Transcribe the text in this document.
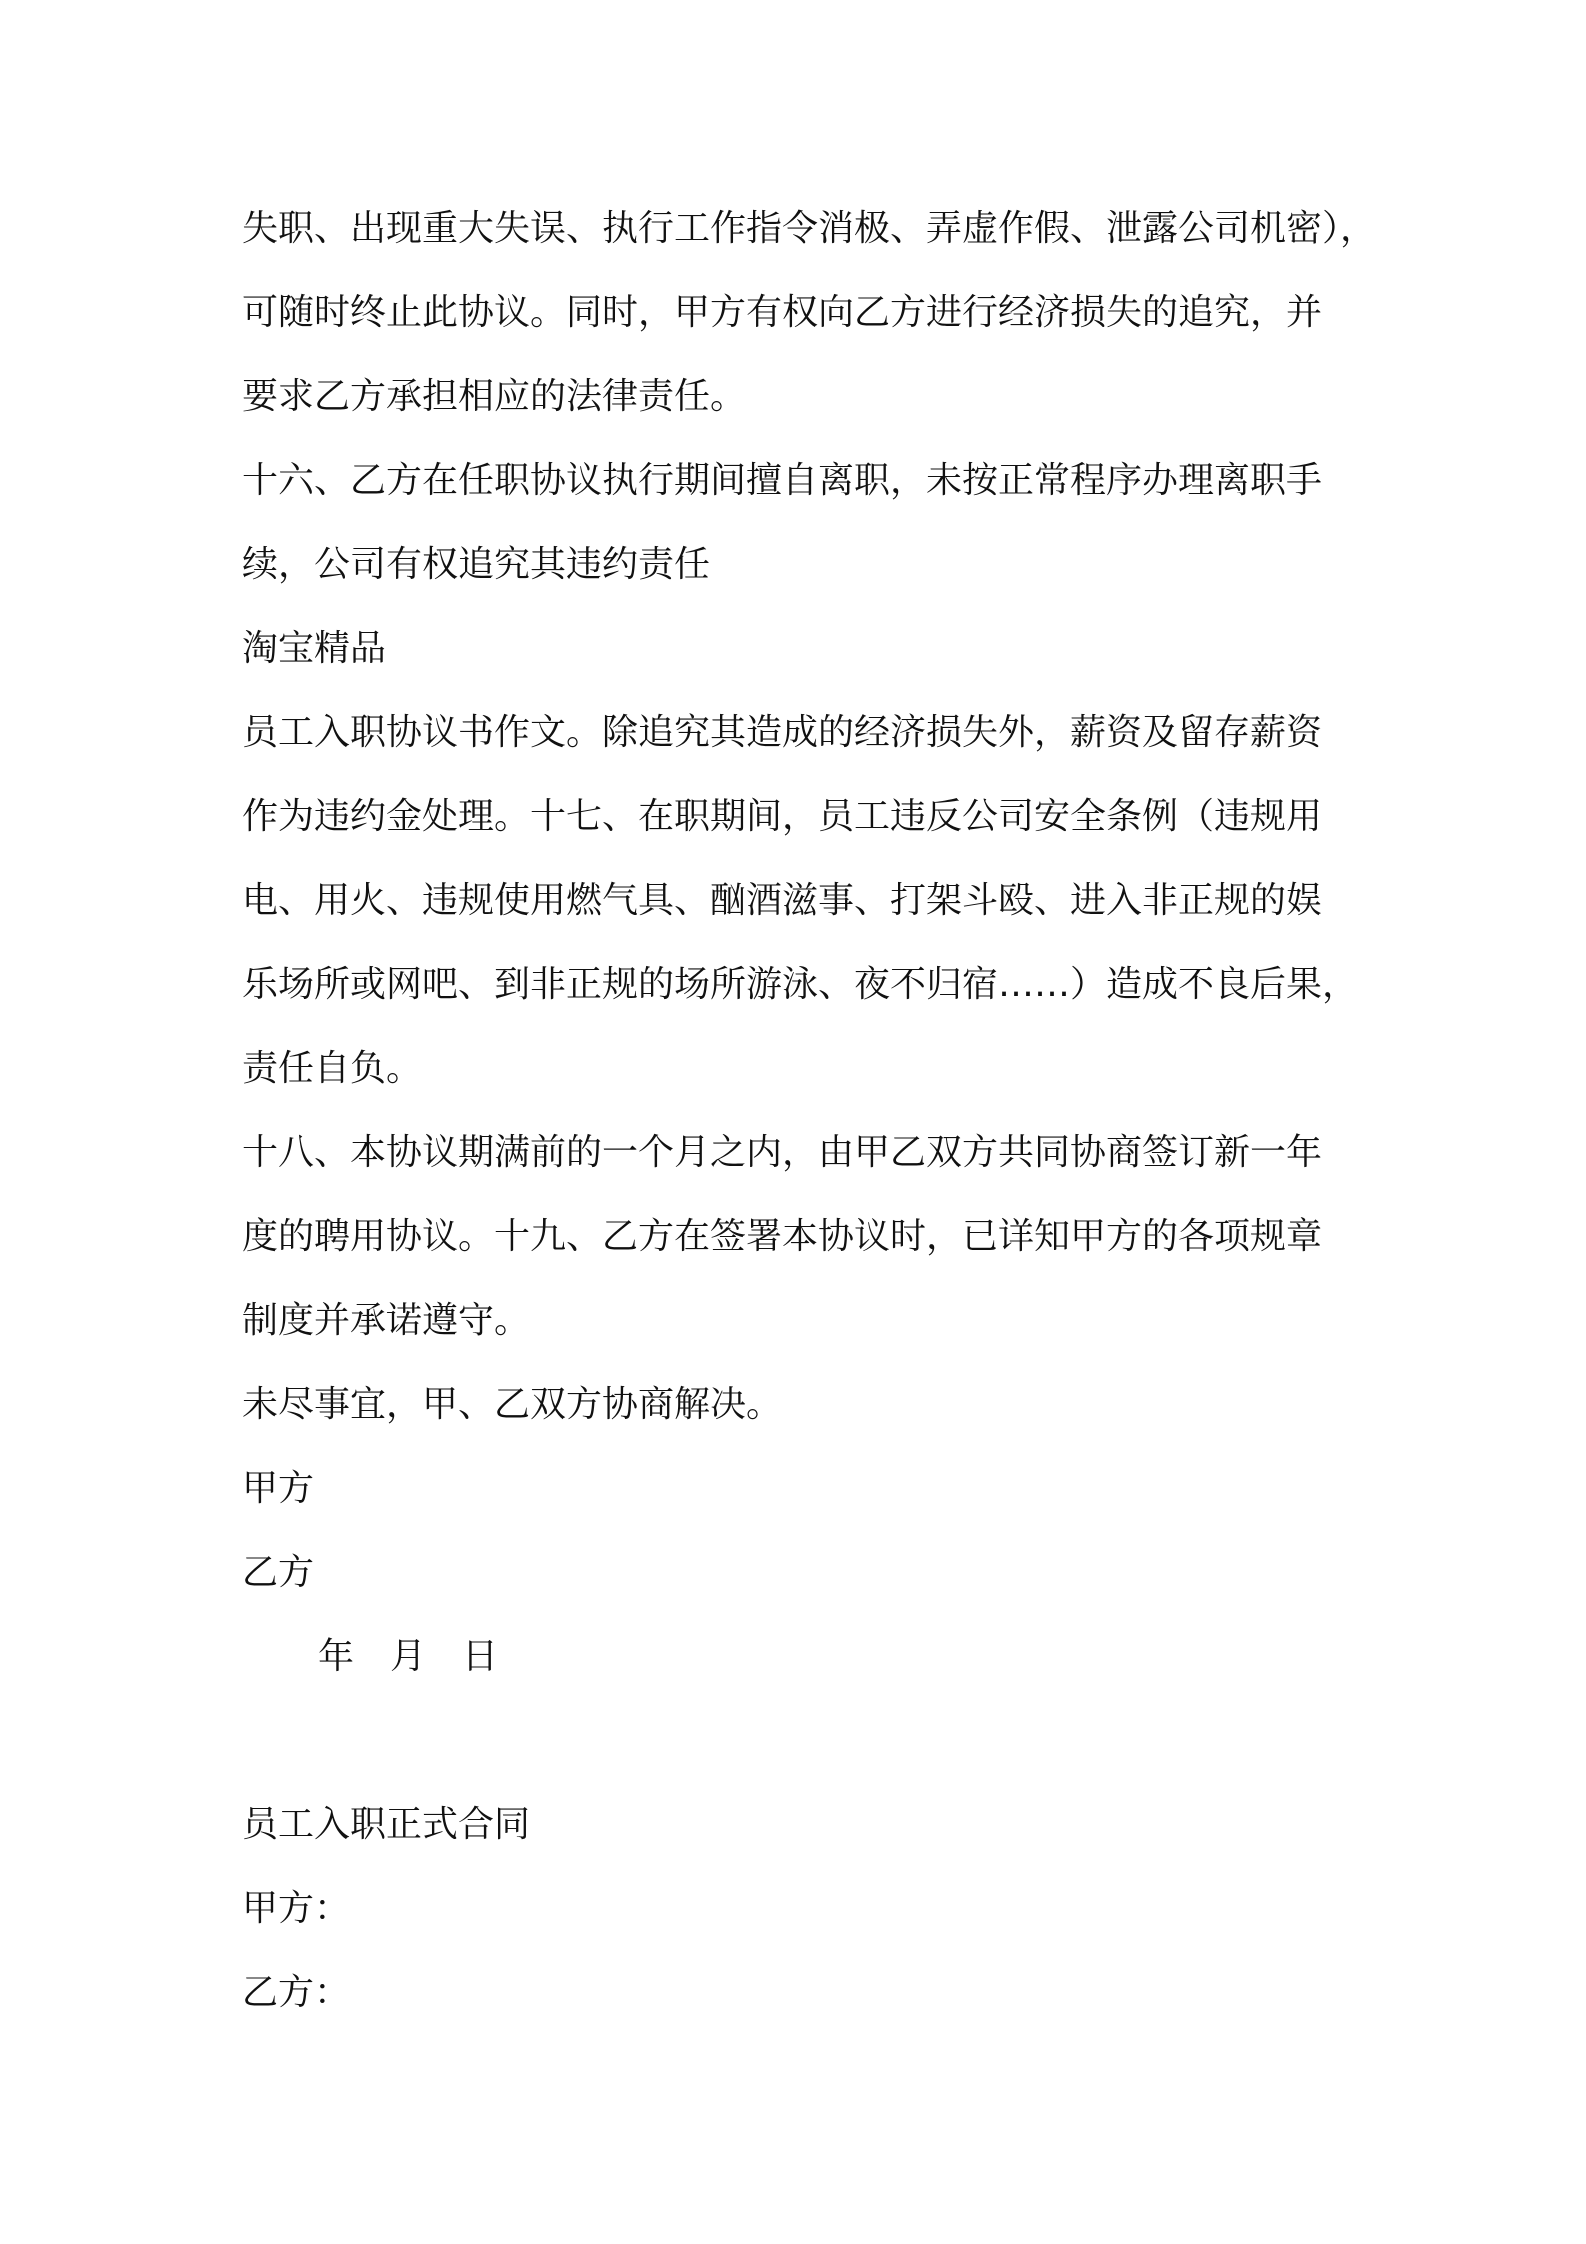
失职、出现重大失误、执行工作指令消极、弄虚作假、泄露公司机密），
可随时终止此协议。同时，甲方有权向乙方进行经济损失的追究，并
要求乙方承担相应的法律责任。
十六、乙方在任职协议执行期间擅自离职，未按正常程序办理离职手
续，公司有权追究其违约责任
淘宝精品
员工入职协议书作文。除追究其造成的经济损失外，薪资及留存薪资
作为违约金处理。十七、在职期间，员工违反公司安全条例（违规用
电、用火、违规使用燃气具、酗酒滋事、打架斗殴、进入非正规的娱
乐场所或网吧、到非正规的场所游泳、夜不归宿……）造成不良后果，
责任自负。
十八、本协议期满前的一个月之内，由甲乙双方共同协商签订新一年
度的聘用协议。十九、乙方在签署本协议时，已详知甲方的各项规章
制度并承诺遵守。
未尽事宜，甲、乙双方协商解决。
甲方
乙方
年　月　日
员工入职正式合同
甲方：
乙方：
